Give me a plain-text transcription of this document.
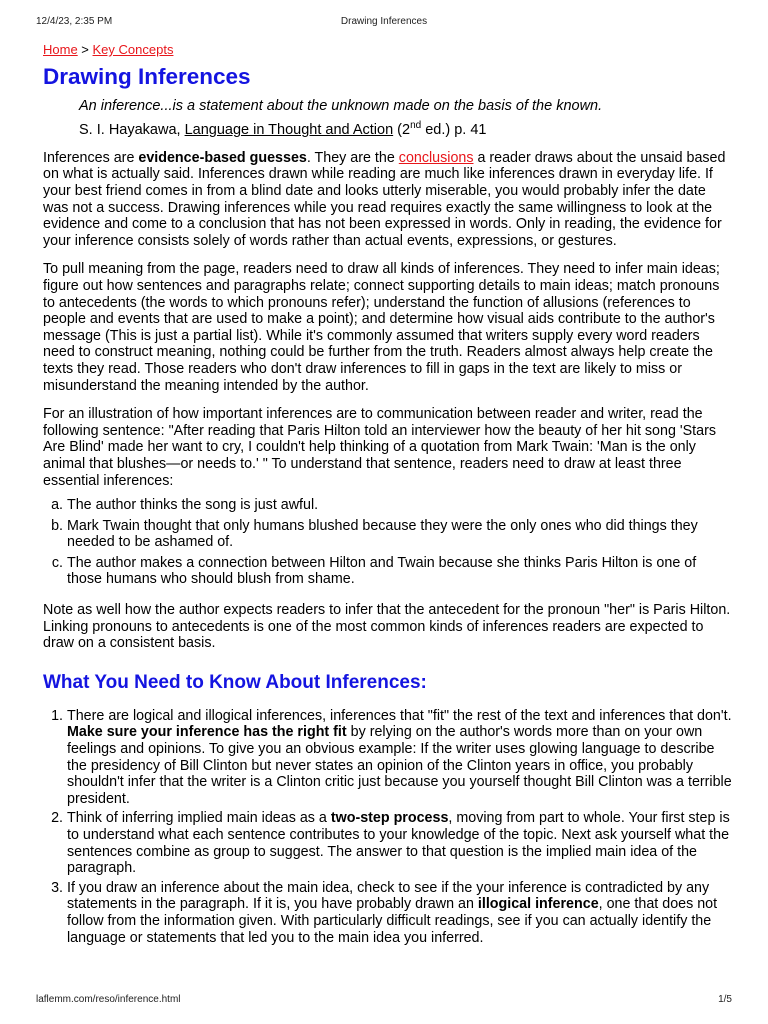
12/4/23, 2:35 PM	Drawing Inferences
Home > Key Concepts
Drawing Inferences
An inference...is a statement about the unknown made on the basis of the known.
S. I. Hayakawa, Language in Thought and Action (2nd ed.) p. 41

Inferences are evidence-based guesses. They are the conclusions a reader draws about the unsaid based on what is actually said. Inferences drawn while reading are much like inferences drawn in everyday life. If your best friend comes in from a blind date and looks utterly miserable, you would probably infer the date was not a success. Drawing inferences while you read requires exactly the same willingness to look at the evidence and come to a conclusion that has not been expressed in words. Only in reading, the evidence for your inference consists solely of words rather than actual events, expressions, or gestures.

To pull meaning from the page, readers need to draw all kinds of inferences. They need to infer main ideas; figure out how sentences and paragraphs relate; connect supporting details to main ideas; match pronouns to antecedents (the words to which pronouns refer); understand the function of allusions (references to people and events that are used to make a point); and determine how visual aids contribute to the author's message (This is just a partial list). While it's commonly assumed that writers supply every word readers need to construct meaning, nothing could be further from the truth. Readers almost always help create the texts they read. Those readers who don't draw inferences to fill in gaps in the text are likely to miss or misunderstand the meaning intended by the author.

For an illustration of how important inferences are to communication between reader and writer, read the following sentence: "After reading that Paris Hilton told an interviewer how the beauty of her hit song 'Stars Are Blind' made her want to cry, I couldn't help thinking of a quotation from Mark Twain: 'Man is the only animal that blushes—or needs to.' " To understand that sentence, readers need to draw at least three essential inferences:

a. The author thinks the song is just awful.
b. Mark Twain thought that only humans blushed because they were the only ones who did things they needed to be ashamed of.
c. The author makes a connection between Hilton and Twain because she thinks Paris Hilton is one of those humans who should blush from shame.

Note as well how the author expects readers to infer that the antecedent for the pronoun "her" is Paris Hilton. Linking pronouns to antecedents is one of the most common kinds of inferences readers are expected to draw on a consistent basis.

What You Need to Know About Inferences:
1. There are logical and illogical inferences, inferences that "fit" the rest of the text and inferences that don't. Make sure your inference has the right fit by relying on the author's words more than on your own feelings and opinions. To give you an obvious example: If the writer uses glowing language to describe the presidency of Bill Clinton but never states an opinion of the Clinton years in office, you probably shouldn't infer that the writer is a Clinton critic just because you yourself thought Bill Clinton was a terrible president.
2. Think of inferring implied main ideas as a two-step process, moving from part to whole. Your first step is to understand what each sentence contributes to your knowledge of the topic. Next ask yourself what the sentences combine as group to suggest. The answer to that question is the implied main idea of the paragraph.
3. If you draw an inference about the main idea, check to see if the your inference is contradicted by any statements in the paragraph. If it is, you have probably drawn an illogical inference, one that does not follow from the information given. With particularly difficult readings, see if you can actually identify the language or statements that led you to the main idea you inferred.
laflemm.com/reso/inference.html	1/5
